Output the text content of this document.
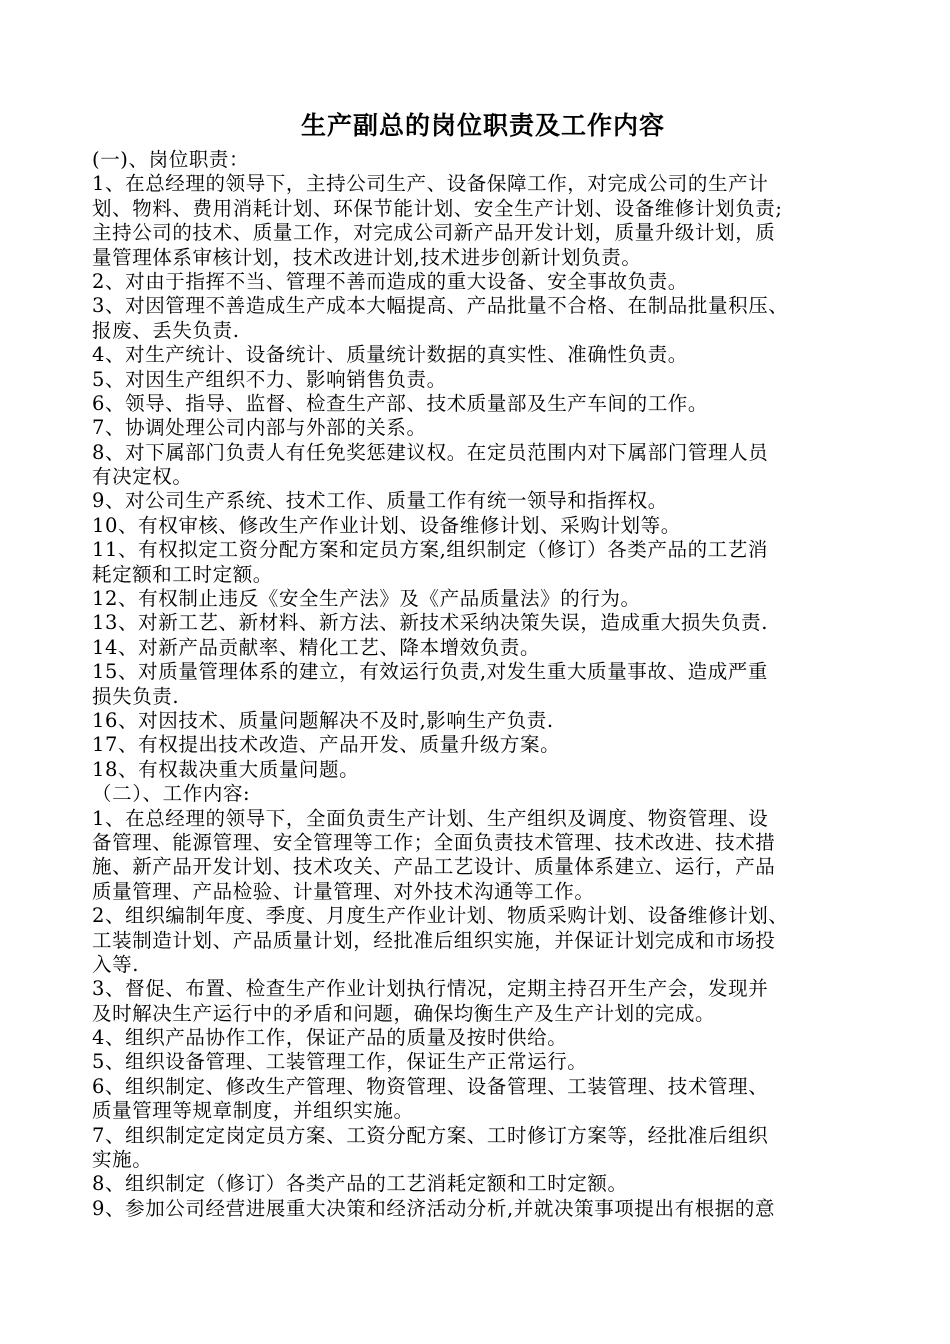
生产副总的岗位职责及工作内容
(一)、岗位职责：
1、在总经理的领导下，主持公司生产、设备保障工作，对完成公司的生产计
划、物料、费用消耗计划、环保节能计划、安全生产计划、设备维修计划负责;
主持公司的技术、质量工作，对完成公司新产品开发计划，质量升级计划，质
量管理体系审核计划，技术改进计划,技术进步创新计划负责。
2、对由于指挥不当、管理不善而造成的重大设备、安全事故负责。
3、对因管理不善造成生产成本大幅提高、产品批量不合格、在制品批量积压、
报废、丢失负责.
4、对生产统计、设备统计、质量统计数据的真实性、准确性负责。
5、对因生产组织不力、影响销售负责。
6、领导、指导、监督、检查生产部、技术质量部及生产车间的工作。
7、协调处理公司内部与外部的关系。
8、对下属部门负责人有任免奖惩建议权。在定员范围内对下属部门管理人员
有决定权。
9、对公司生产系统、技术工作、质量工作有统一领导和指挥权。
10、有权审核、修改生产作业计划、设备维修计划、采购计划等。
11、有权拟定工资分配方案和定员方案,组织制定（修订）各类产品的工艺消
耗定额和工时定额。
12、有权制止违反《安全生产法》及《产品质量法》的行为。
13、对新工艺、新材料、新方法、新技术采纳决策失误，造成重大损失负责.
14、对新产品贡献率、精化工艺、降本增效负责。
15、对质量管理体系的建立，有效运行负责,对发生重大质量事故、造成严重
损失负责.
16、对因技术、质量问题解决不及时,影响生产负责.
17、有权提出技术改造、产品开发、质量升级方案。
18、有权裁决重大质量问题。
（二）、工作内容:
1、在总经理的领导下，全面负责生产计划、生产组织及调度、物资管理、设
备管理、能源管理、安全管理等工作；全面负责技术管理、技术改进、技术措
施、新产品开发计划、技术攻关、产品工艺设计、质量体系建立、运行，产品
质量管理、产品检验、计量管理、对外技术沟通等工作。
2、组织编制年度、季度、月度生产作业计划、物质采购计划、设备维修计划、
工装制造计划、产品质量计划，经批准后组织实施，并保证计划完成和市场投
入等.
3、督促、布置、检查生产作业计划执行情况，定期主持召开生产会，发现并
及时解决生产运行中的矛盾和问题，确保均衡生产及生产计划的完成。
4、组织产品协作工作，保证产品的质量及按时供给。
5、组织设备管理、工装管理工作，保证生产正常运行。
6、组织制定、修改生产管理、物资管理、设备管理、工装管理、技术管理、
质量管理等规章制度，并组织实施。
7、组织制定定岗定员方案、工资分配方案、工时修订方案等，经批准后组织
实施。
8、组织制定（修订）各类产品的工艺消耗定额和工时定额。
9、参加公司经营进展重大决策和经济活动分析,并就决策事项提出有根据的意
